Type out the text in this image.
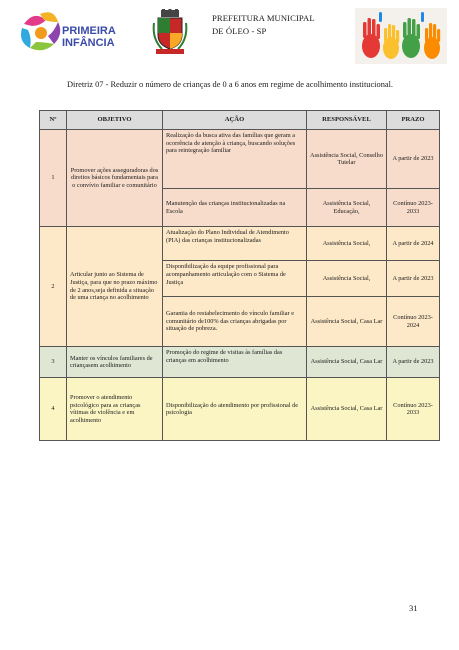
PRIMEIRA
INFÂNCIA
PREFEITURA MUNICIPAL
DE ÓLEO - SP
Diretriz 07 - Reduzir o número de crianças de 0 a 6 anos em regime de acolhimento institucional.
Nº	OBJETIVO	AÇÃO	RESPONSÁVEL	PRAZO
1	Promover ações asseguradoras dos direitos básicos fundamentais para o convívio familiar e comunitário	Realização da busca ativa das famílias que geram a ocorrência de atenção à criança, buscando soluções para reintegração familiar	Assistência Social, Conselho Tutelar	A partir de 2023
		Manutenção das crianças institucionalizadas na Escola	Assistência Social, Educação,	Contínuo 2023-2033
2	Articular junto ao Sistema de Justiça, para que no prazo máximo de 2 anos,seja definida a situação de uma criança no acolhimento	Atualização do Plano Individual de Atendimento (PIA) das crianças institucionalizadas	Assistência Social,	A partir de 2024
		Disponibilização da equipe profissional para acompanhamento articulação com o Sistema de Justiça	Assistência Social,	A partir de 2023
		Garantia do restabelecimento do vínculo familiar e comunitário de100% das crianças abrigadas por situação de pobreza.	Assistência Social, Casa Lar	Contínuo 2023-2024
3	Manter os vínculos familiares de criançasem acolhimento	Promoção do regime de visitas às famílias das crianças em acolhimento	Assistência Social, Casa Lar	A partir de 2023
4	Promover o atendimento psicológico para as crianças vítimas de violência e em acolhimento	Disponibilização do atendimento por profissional de psicologia	Assistência Social, Casa Lar	Contínuo 2023-2033
31
